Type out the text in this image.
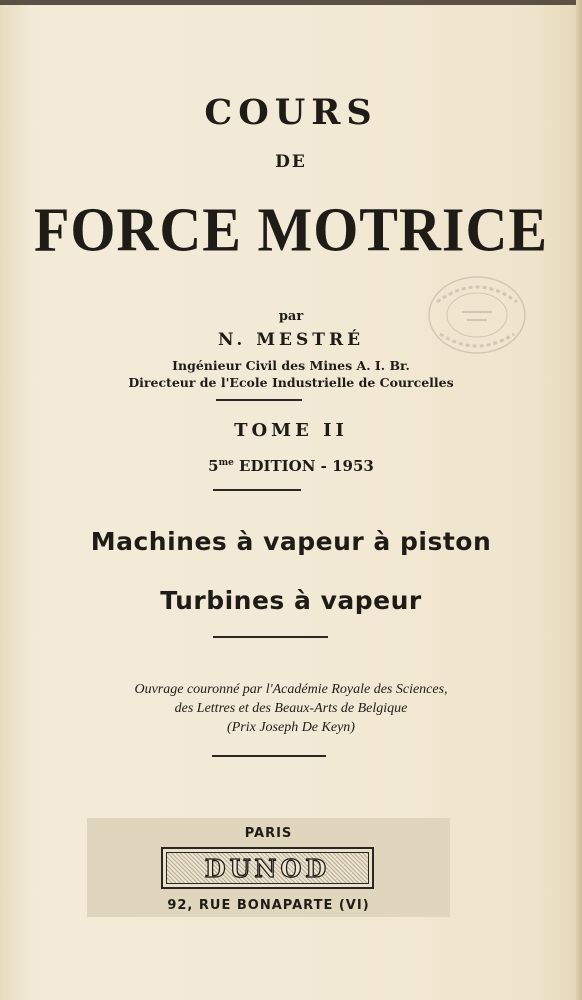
COURS
DE
FORCE MOTRICE
par
N. MESTRÉ
Ingénieur Civil des Mines A. I. Br.
Directeur de l'Ecole Industrielle de Courcelles
TOME II
$5^{me}$ EDITION - 1953
Machines à vapeur à piston
Turbines à vapeur
Ouvrage couronné par l'Académie Royale des Sciences,
des Lettres et des Beaux-Arts de Belgique
(Prix Joseph De Keyn)
PARIS
DUNOD
92, RUE BONAPARTE (VI)
